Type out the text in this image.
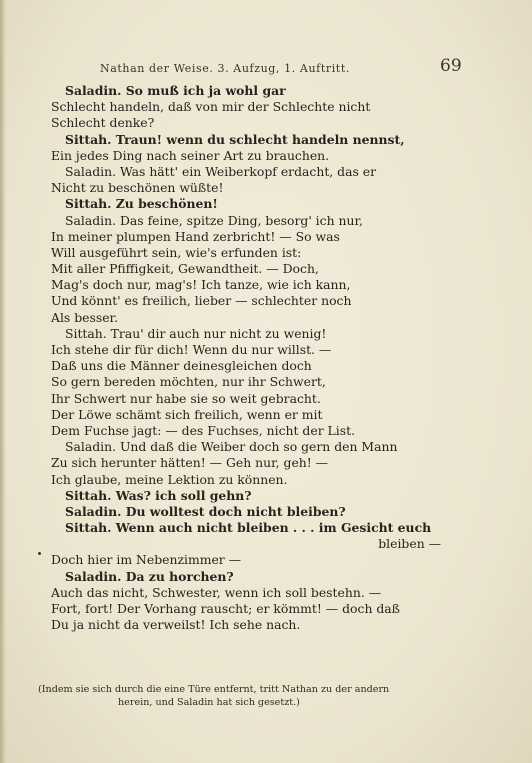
Nathan der Weise. 3. Aufzug, 1. Auftritt.	69
Saladin. So muß ich ja wohl gar
Schlecht handeln, daß von mir der Schlechte nicht
Schlecht denke?
Sittah. Traun! wenn du schlecht handeln nennst,
Ein jedes Ding nach seiner Art zu brauchen.
Saladin. Was hätt' ein Weiberkopf erdacht, das er
Nicht zu beschönen wüßte!
Sittah. Zu beschönen!
Saladin. Das feine, spitze Ding, besorg' ich nur,
In meiner plumpen Hand zerbricht! — So was
Will ausgeführt sein, wie's erfunden ist:
Mit aller Pfiffigkeit, Gewandtheit. — Doch,
Mag's doch nur, mag's! Ich tanze, wie ich kann,
Und könnt' es freilich, lieber — schlechter noch
Als besser.
Sittah. Trau' dir auch nur nicht zu wenig!
Ich stehe dir für dich! Wenn du nur willst. —
Daß uns die Männer deinesgleichen doch
So gern bereden möchten, nur ihr Schwert,
Ihr Schwert nur habe sie so weit gebracht.
Der Löwe schämt sich freilich, wenn er mit
Dem Fuchse jagt: — des Fuchses, nicht der List.
Saladin. Und daß die Weiber doch so gern den Mann
Zu sich herunter hätten! — Geh nur, geh! —
Ich glaube, meine Lektion zu können.
Sittah. Was? ich soll gehn?
Saladin. Du wolltest doch nicht bleiben?
Sittah. Wenn auch nicht bleiben . . . im Gesicht euch
bleiben —
Doch hier im Nebenzimmer —
Saladin. Da zu horchen?
Auch das nicht, Schwester, wenn ich soll bestehn. —
Fort, fort! Der Vorhang rauscht; er kömmt! — doch daß
Du ja nicht da verweilst! Ich sehe nach.
(Indem sie sich durch die eine Türe entfernt, tritt Nathan zu der andern
herein, und Saladin hat sich gesetzt.)
